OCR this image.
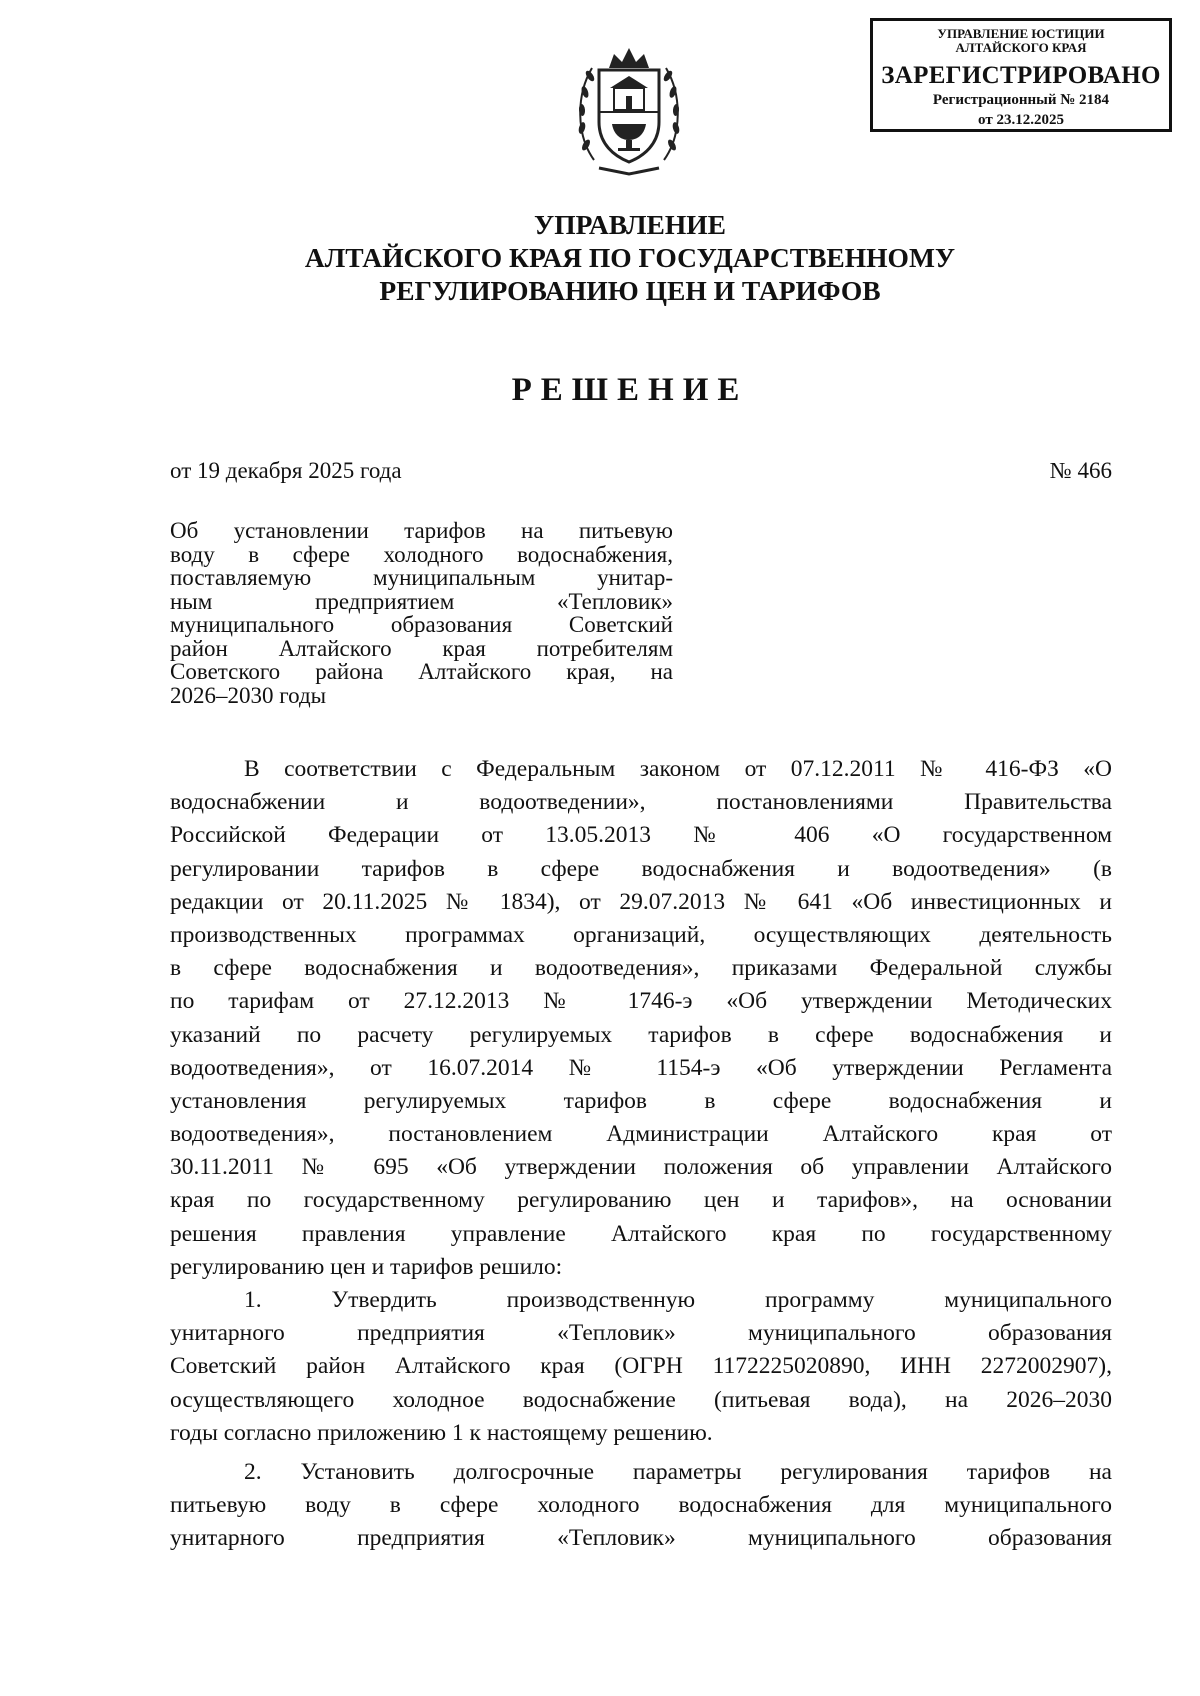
УПРАВЛЕНИЕ ЮСТИЦИИ
АЛТАЙСКОГО КРАЯ
ЗАРЕГИСТРИРОВАНО
Регистрационный № 2184
от 23.12.2025
УПРАВЛЕНИЕ
АЛТАЙСКОГО КРАЯ ПО ГОСУДАРСТВЕННОМУ
РЕГУЛИРОВАНИЮ ЦЕН И ТАРИФОВ
РЕШЕНИЕ
от 19 декабря 2025 года	№ 466
Об установлении тарифов на питьевую
воду в сфере холодного водоснабжения,
поставляемую муниципальным унитар-
ным предприятием «Тепловик»
муниципального образования Советский
район Алтайского края потребителям
Советского района Алтайского края, на
2026–2030 годы
В соответствии с Федеральным законом от 07.12.2011 № 416-ФЗ «О
водоснабжении и водоотведении», постановлениями Правительства
Российской Федерации от 13.05.2013 № 406 «О государственном
регулировании тарифов в сфере водоснабжения и водоотведения» (в
редакции от 20.11.2025 № 1834), от 29.07.2013 № 641 «Об инвестиционных и
производственных программах организаций, осуществляющих деятельность
в сфере водоснабжения и водоотведения», приказами Федеральной службы
по тарифам от 27.12.2013 № 1746-э «Об утверждении Методических
указаний по расчету регулируемых тарифов в сфере водоснабжения и
водоотведения», от 16.07.2014 № 1154-э «Об утверждении Регламента
установления регулируемых тарифов в сфере водоснабжения и
водоотведения», постановлением Администрации Алтайского края от
30.11.2011 № 695 «Об утверждении положения об управлении Алтайского
края по государственному регулированию цен и тарифов», на основании
решения правления управление Алтайского края по государственному
регулированию цен и тарифов решило:
1. Утвердить производственную программу муниципального
унитарного предприятия «Тепловик» муниципального образования
Советский район Алтайского края (ОГРН 1172225020890, ИНН 2272002907),
осуществляющего холодное водоснабжение (питьевая вода), на 2026–2030
годы согласно приложению 1 к настоящему решению.
2. Установить долгосрочные параметры регулирования тарифов на
питьевую воду в сфере холодного водоснабжения для муниципального
унитарного предприятия «Тепловик» муниципального образования
